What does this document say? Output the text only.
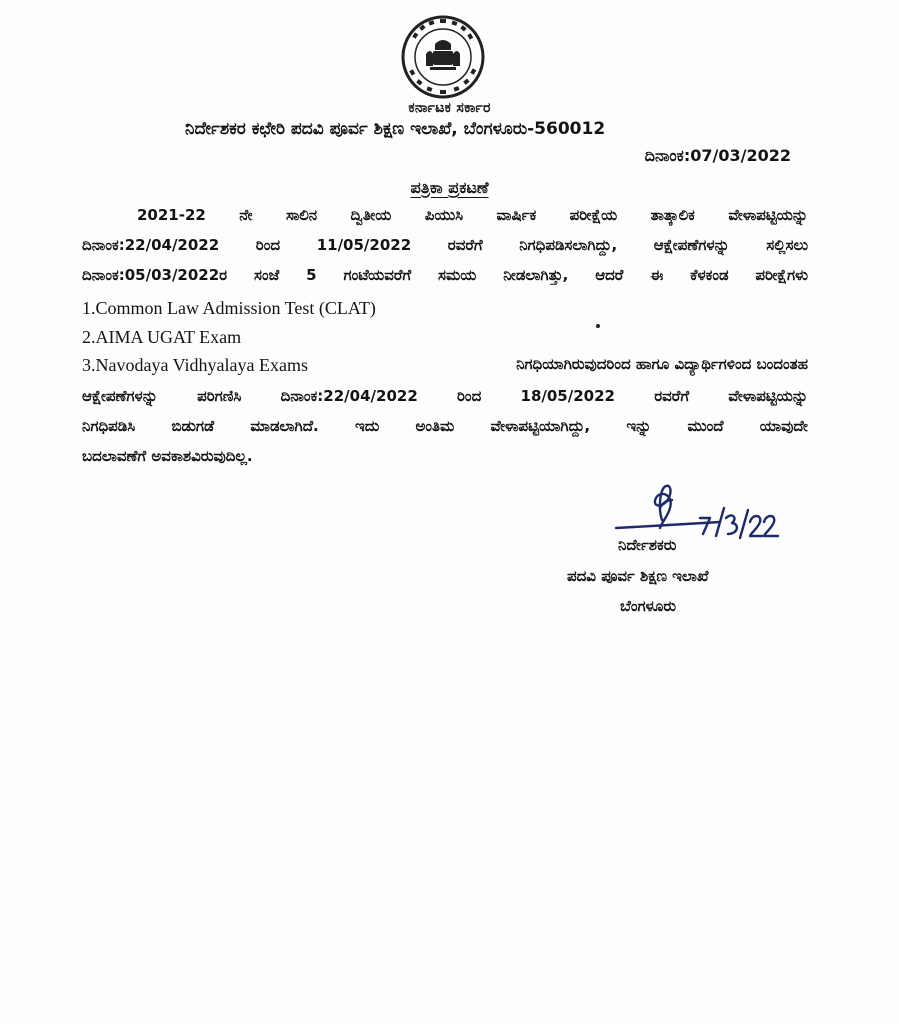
ಕರ್ನಾಟಕ ಸರ್ಕಾರ
ನಿರ್ದೇಶಕರ ಕಛೇರಿ ಪದವಿ ಪೂರ್ವ ಶಿಕ್ಷಣ ಇಲಾಖೆ, ಬೆಂಗಳೂರು-560012
ದಿನಾಂಕ:07/03/2022
ಪತ್ರಿಕಾ ಪ್ರಕಟಣೆ
2021-22 ನೇ ಸಾಲಿನ ದ್ವಿತೀಯ ಪಿಯುಸಿ ವಾರ್ಷಿಕ ಪರೀಕ್ಷೆಯ ತಾತ್ಕಾಲಿಕ ವೇಳಾಪಟ್ಟಿಯನ್ನು
ದಿನಾಂಕ:22/04/2022 ರಿಂದ 11/05/2022 ರವರೆಗೆ ನಿಗಧಿಪಡಿಸಲಾಗಿದ್ದು, ಆಕ್ಷೇಪಣೆಗಳನ್ನು ಸಲ್ಲಿಸಲು
ದಿನಾಂಕ:05/03/2022ರ ಸಂಜೆ 5 ಗಂಟೆಯವರೆಗೆ ಸಮಯ ನೀಡಲಾಗಿತ್ತು, ಆದರೆ ಈ ಕೆಳಕಂಡ ಪರೀಕ್ಷೆಗಳು
1.Common Law Admission Test (CLAT)
2.AIMA UGAT Exam
3.Navodaya Vidhyalaya Exams	ನಿಗಧಿಯಾಗಿರುವುದರಿಂದ ಹಾಗೂ ವಿದ್ಯಾರ್ಥಿಗಳಿಂದ ಬಂದಂತಹ
ಆಕ್ಷೇಪಣೆಗಳನ್ನು ಪರಿಗಣಿಸಿ ದಿನಾಂಕ:22/04/2022 ರಿಂದ 18/05/2022 ರವರೆಗೆ ವೇಳಾಪಟ್ಟಿಯನ್ನು
ನಿಗಧಿಪಡಿಸಿ ಬಿಡುಗಡೆ ಮಾಡಲಾಗಿದೆ. ಇದು ಅಂತಿಮ ವೇಳಾಪಟ್ಟಿಯಾಗಿದ್ದು, ಇನ್ನು ಮುಂದೆ ಯಾವುದೇ
ಬದಲಾವಣೆಗೆ ಅವಕಾಶವಿರುವುದಿಲ್ಲ.
ನಿರ್ದೇಶಕರು
ಪದವಿ ಪೂರ್ವ ಶಿಕ್ಷಣ ಇಲಾಖೆ
ಬೆಂಗಳೂರು
